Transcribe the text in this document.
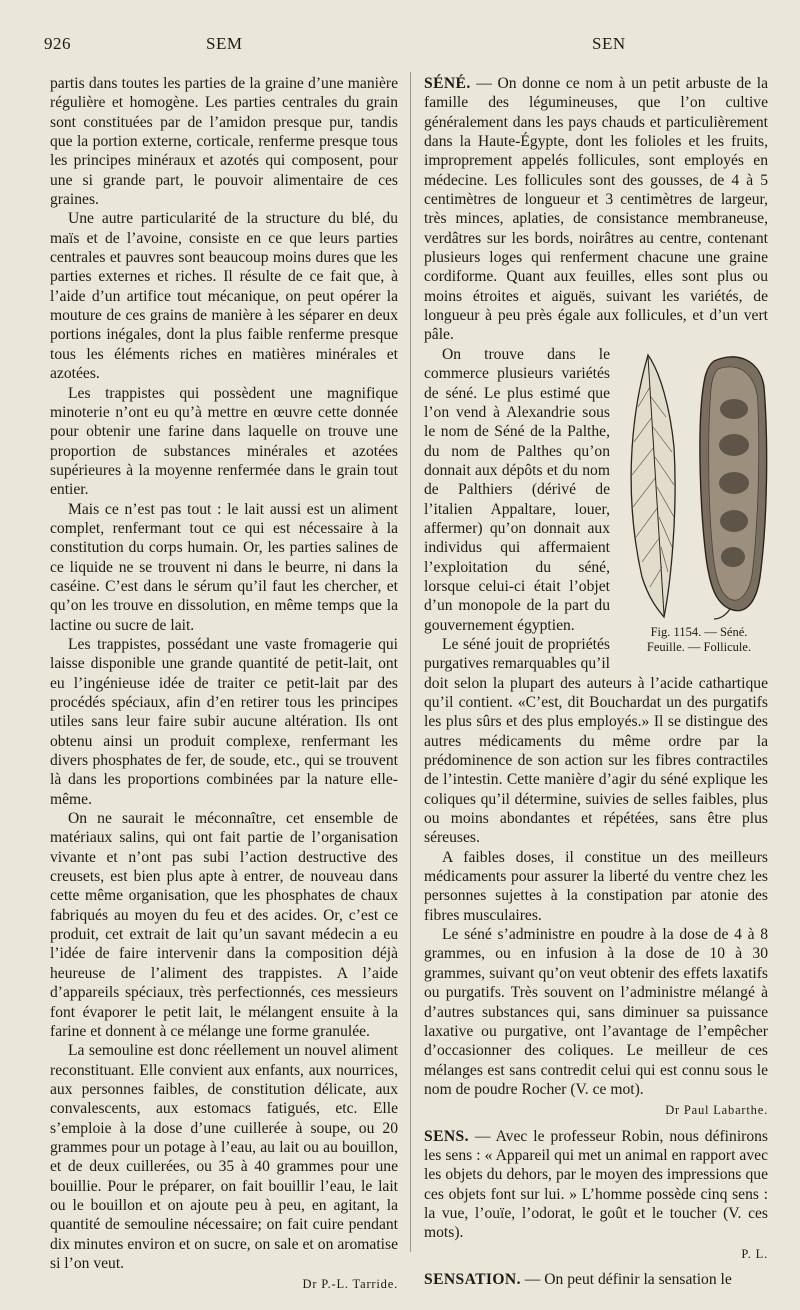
926	SEM	SEN

partis dans toutes les parties de la graine d’une manière régulière et homogène. Les parties centrales du grain sont constituées par de l’amidon presque pur, tandis que la portion externe, corticale, renferme presque tous les principes minéraux et azotés qui composent, pour une si grande part, le pouvoir alimentaire de ces graines.

Une autre particularité de la structure du blé, du maïs et de l’avoine, consiste en ce que leurs parties centrales et pauvres sont beaucoup moins dures que les parties externes et riches. Il résulte de ce fait que, à l’aide d’un artifice tout mécanique, on peut opérer la mouture de ces grains de manière à les séparer en deux portions inégales, dont la plus faible renferme presque tous les éléments riches en matières minérales et azotées.

Les trappistes qui possèdent une magnifique minoterie n’ont eu qu’à mettre en œuvre cette donnée pour obtenir une farine dans laquelle on trouve une proportion de substances minérales et azotées supérieures à la moyenne renfermée dans le grain tout entier.

Mais ce n’est pas tout : le lait aussi est un aliment complet, renfermant tout ce qui est nécessaire à la constitution du corps humain. Or, les parties salines de ce liquide ne se trouvent ni dans le beurre, ni dans la caséine. C’est dans le sérum qu’il faut les chercher, et qu’on les trouve en dissolution, en même temps que la lactine ou sucre de lait.

Les trappistes, possédant une vaste fromagerie qui laisse disponible une grande quantité de petit-lait, ont eu l’ingénieuse idée de traiter ce petit-lait par des procédés spéciaux, afin d’en retirer tous les principes utiles sans leur faire subir aucune altération. Ils ont obtenu ainsi un produit complexe, renfermant les divers phosphates de fer, de soude, etc., qui se trouvent là dans les proportions combinées par la nature elle-même.

On ne saurait le méconnaître, cet ensemble de matériaux salins, qui ont fait partie de l’organisation vivante et n’ont pas subi l’action destructive des creusets, est bien plus apte à entrer, de nouveau dans cette même organisation, que les phosphates de chaux fabriqués au moyen du feu et des acides. Or, c’est ce produit, cet extrait de lait qu’un savant médecin a eu l’idée de faire intervenir dans la composition déjà heureuse de l’aliment des trappistes. A l’aide d’appareils spéciaux, très perfectionnés, ces messieurs font évaporer le petit lait, le mélangent ensuite à la farine et donnent à ce mélange une forme granulée.

La semouline est donc réellement un nouvel aliment reconstituant. Elle convient aux enfants, aux nourrices, aux personnes faibles, de constitution délicate, aux convalescents, aux estomacs fatigués, etc. Elle s’emploie à la dose d’une cuillerée à soupe, ou 20 grammes pour un potage à l’eau, au lait ou au bouillon, et de deux cuillerées, ou 35 à 40 grammes pour une bouillie. Pour le préparer, on fait bouillir l’eau, le lait ou le bouillon et on ajoute peu à peu, en agitant, la quantité de semouline nécessaire; on fait cuire pendant dix minutes environ et on sucre, on sale et on aromatise si l’on veut.

Dr P.-L. Tarride.

SÉNÉ. — On donne ce nom à un petit arbuste de la famille des légumineuses, que l’on cultive généralement dans les pays chauds et particulièrement dans la Haute-Égypte, dont les folioles et les fruits, improprement appelés follicules, sont employés en médecine. Les follicules sont des gousses, de 4 à 5 centimètres de longueur et 3 centimètres de largeur, très minces, aplaties, de consistance membraneuse, verdâtres sur les bords, noirâtres au centre, contenant plusieurs loges qui renferment chacune une graine cordiforme. Quant aux feuilles, elles sont plus ou moins étroites et aiguës, suivant les variétés, de longueur à peu près égale aux follicules, et d’un vert pâle.

Fig. 1154. — Séné.
Feuille. — Follicule.

On trouve dans le commerce plusieurs variétés de séné. Le plus estimé que l’on vend à Alexandrie sous le nom de Séné de la Palthe, du nom de Palthes qu’on donnait aux dépôts et du nom de Palthiers (dérivé de l’italien Appaltare, louer, affermer) qu’on donnait aux individus qui affermaient l’exploitation du séné, lorsque celui-ci était l’objet d’un monopole de la part du gouvernement égyptien.

Le séné jouit de propriétés purgatives remarquables qu’il doit selon la plupart des auteurs à l’acide cathartique qu’il contient. «C’est, dit Bouchardat un des purgatifs les plus sûrs et des plus employés.» Il se distingue des autres médicaments du même ordre par la prédominence de son action sur les fibres contractiles de l’intestin. Cette manière d’agir du séné explique les coliques qu’il détermine, suivies de selles faibles, plus ou moins abondantes et répétées, sans être plus séreuses.

A faibles doses, il constitue un des meilleurs médicaments pour assurer la liberté du ventre chez les personnes sujettes à la constipation par atonie des fibres musculaires.

Le séné s’administre en poudre à la dose de 4 à 8 grammes, ou en infusion à la dose de 10 à 30 grammes, suivant qu’on veut obtenir des effets laxatifs ou purgatifs. Très souvent on l’administre mélangé à d’autres substances qui, sans diminuer sa puissance laxative ou purgative, ont l’avantage de l’empêcher d’occasionner des coliques. Le meilleur de ces mélanges est sans contredit celui qui est connu sous le nom de poudre Rocher (V. ce mot).

Dr Paul Labarthe.

SENS. — Avec le professeur Robin, nous définirons les sens : « Appareil qui met un animal en rapport avec les objets du dehors, par le moyen des impressions que ces objets font sur lui. » L’homme possède cinq sens : la vue, l’ouïe, l’odorat, le goût et le toucher (V. ces mots).

P. L.

SENSATION. — On peut définir la sensation le
